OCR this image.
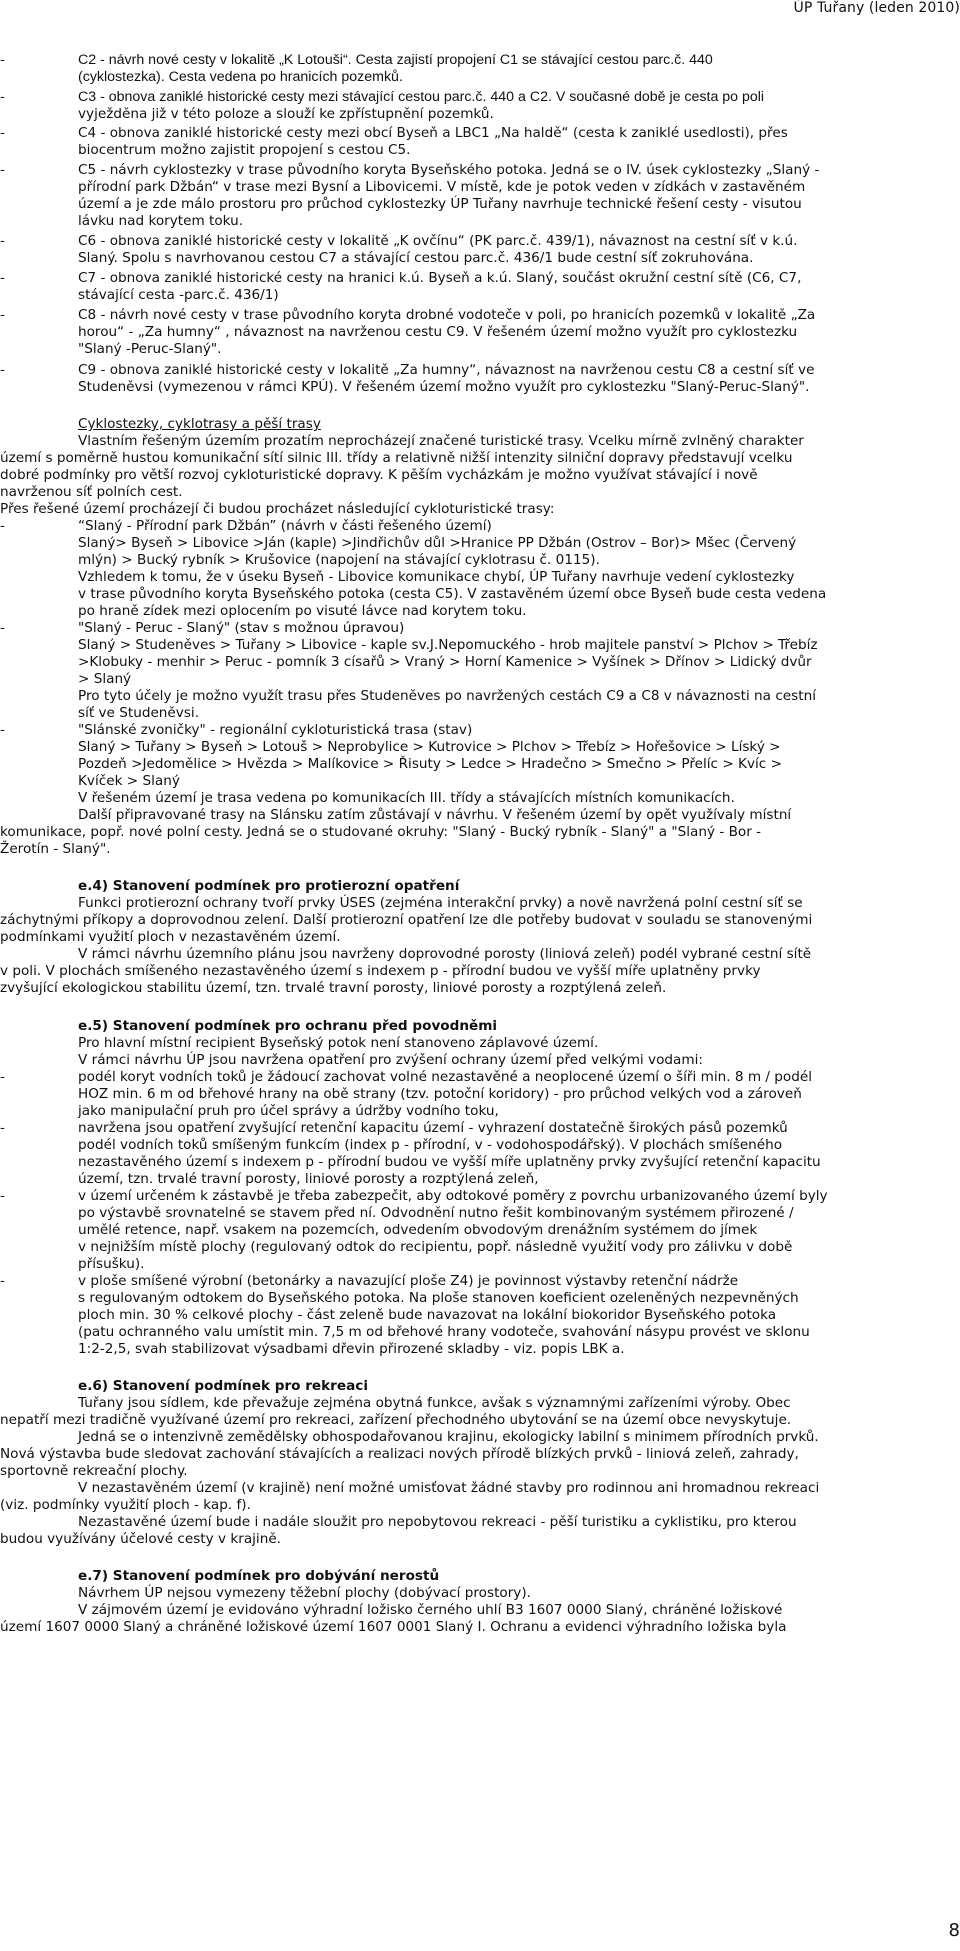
ÚP Tuřany (leden 2010)
-	C2 - návrh nové cesty v lokalitě „K Lotouši“. Cesta zajistí propojení C1 se stávající cestou parc.č. 440
(cyklostezka). Cesta vedena po hranicích pozemků.
-	C3 - obnova zaniklé historické cesty mezi stávající cestou parc.č. 440 a C2. V současné době je cesta po poli
vyježděna již v této poloze a slouží ke zpřístupnění pozemků.
-	C4 - obnova zaniklé historické cesty mezi obcí Byseň a LBC1 „Na haldě“ (cesta k zaniklé usedlosti), přes
biocentrum možno zajistit propojení s cestou C5.
-	C5 - návrh cyklostezky v trase původního koryta Byseňského potoka. Jedná se o IV. úsek cyklostezky „Slaný -
přírodní park Džbán“ v trase mezi Bysní a Libovicemi. V místě, kde je potok veden v zídkách v zastavěném
území a je zde málo prostoru pro průchod cyklostezky ÚP Tuřany navrhuje technické řešení cesty - visutou
lávku nad korytem toku.
-	C6 - obnova zaniklé historické cesty v lokalitě „K ovčínu“ (PK parc.č. 439/1), návaznost na cestní síť v k.ú.
Slaný. Spolu s navrhovanou cestou C7 a stávající cestou parc.č. 436/1 bude cestní síť zokruhována.
-	C7 - obnova zaniklé historické cesty na hranici k.ú. Byseň a k.ú. Slaný, součást okružní cestní sítě (C6, C7,
stávající cesta -parc.č. 436/1)
-	C8 - návrh nové cesty v trase původního koryta drobné vodoteče v poli, po hranicích pozemků v lokalitě „Za
horou“ - „Za humny“ , návaznost na navrženou cestu C9. V řešeném území možno využít pro cyklostezku
"Slaný -Peruc-Slaný".
-	C9 - obnova zaniklé historické cesty v lokalitě „Za humny“, návaznost na navrženou cestu C8 a cestní síť ve
Studeněvsi (vymezenou v rámci KPÚ). V řešeném území možno využít pro cyklostezku "Slaný-Peruc-Slaný".
Cyklostezky, cyklotrasy a pěší trasy
Vlastním řešeným územím prozatím neprocházejí značené turistické trasy. Vcelku mírně zvlněný charakter
území s poměrně hustou komunikační sítí silnic III. třídy a relativně nižší intenzity silniční dopravy představují vcelku
dobré podmínky pro větší rozvoj cykloturistické dopravy. K pěším vycházkám je možno využívat stávající i nově
navrženou síť polních cest.
Přes řešené území procházejí či budou procházet následující cykloturistické trasy:
-	“Slaný - Přírodní park Džbán” (návrh v části řešeného území)
Slaný> Byseň > Libovice >Ján (kaple) >Jindřichův důl >Hranice PP Džbán (Ostrov – Bor)> Mšec (Červený
mlýn) > Bucký rybník > Krušovice (napojení na stávající cyklotrasu č. 0115).
Vzhledem k tomu, že v úseku Byseň - Libovice komunikace chybí, ÚP Tuřany navrhuje vedení cyklostezky
v trase původního koryta Byseňského potoka (cesta C5). V zastavěném území obce Byseň bude cesta vedena
po hraně zídek mezi oplocením po visuté lávce nad korytem toku.
-	"Slaný - Peruc - Slaný" (stav s možnou úpravou)
Slaný > Studeněves > Tuřany > Libovice - kaple sv.J.Nepomuckého - hrob majitele panství > Plchov > Třebíz
>Klobuky - menhir > Peruc - pomník 3 císařů > Vraný > Horní Kamenice > Vyšínek > Dřínov > Lidický dvůr
> Slaný
Pro tyto účely je možno využít trasu přes Studeněves po navržených cestách C9 a C8 v návaznosti na cestní
síť ve Studeněvsi.
-	"Slánské zvoničky" - regionální cykloturistická trasa (stav)
Slaný > Tuřany > Byseň > Lotouš > Neprobylice > Kutrovice > Plchov > Třebíz > Hořešovice > Líský >
Pozdeň >Jedomělice > Hvězda > Malíkovice > Řisuty > Ledce > Hradečno > Smečno > Přelíc > Kvíc >
Kvíček > Slaný
V řešeném území je trasa vedena po komunikacích III. třídy a stávajících místních komunikacích.
Další připravované trasy na Slánsku zatím zůstávají v návrhu. V řešeném území by opět využívaly místní
komunikace, popř. nové polní cesty. Jedná se o studované okruhy: "Slaný - Bucký rybník - Slaný" a "Slaný - Bor -
Žerotín - Slaný".
e.4) Stanovení podmínek pro protierozní opatření
Funkci protierozní ochrany tvoří prvky ÚSES (zejména interakční prvky) a nově navržená polní cestní síť se
záchytnými příkopy a doprovodnou zelení. Další protierozní opatření lze dle potřeby budovat v souladu se stanovenými
podmínkami využití ploch v nezastavěném území.
V rámci návrhu územního plánu jsou navrženy doprovodné porosty (liniová zeleň) podél vybrané cestní sítě
v poli. V plochách smíšeného nezastavěného území s indexem p - přírodní budou ve vyšší míře uplatněny prvky
zvyšující ekologickou stabilitu území, tzn. trvalé travní porosty, liniové porosty a rozptýlená zeleň.
e.5) Stanovení podmínek pro ochranu před povodněmi
Pro hlavní místní recipient Byseňský potok není stanoveno záplavové území.
V rámci návrhu ÚP jsou navržena opatření pro zvýšení ochrany území před velkými vodami:
-	podél koryt vodních toků je žádoucí zachovat volné nezastavěné a neoplocené území o šíři min. 8 m / podél
HOZ min. 6 m od břehové hrany na obě strany (tzv. potoční koridory) - pro průchod velkých vod a zároveň
jako manipulační pruh pro účel správy a údržby vodního toku,
-	navržena jsou opatření zvyšující retenční kapacitu území - vyhrazení dostatečně širokých pásů pozemků
podél vodních toků smíšeným funkcím (index p - přírodní, v - vodohospodářský). V plochách smíšeného
nezastavěného území s indexem p - přírodní budou ve vyšší míře uplatněny prvky zvyšující retenční kapacitu
území, tzn. trvalé travní porosty, liniové porosty a rozptýlená zeleň,
-	v území určeném k zástavbě je třeba zabezpečit, aby odtokové poměry z povrchu urbanizovaného území byly
po výstavbě srovnatelné se stavem před ní. Odvodnění nutno řešit kombinovaným systémem přirozené /
umělé retence, např. vsakem na pozemcích, odvedením obvodovým drenážním systémem do jímek
v nejnižším místě plochy (regulovaný odtok do recipientu, popř. následně využití vody pro zálivku v době
přísušku).
-	v ploše smíšené výrobní (betonárky a navazující ploše Z4) je povinnost výstavby retenční nádrže
s regulovaným odtokem do Byseňského potoka. Na ploše stanoven koeficient ozeleněných nezpevněných
ploch min. 30 % celkové plochy - část zeleně bude navazovat na lokální biokoridor Byseňského potoka
(patu ochranného valu umístit min. 7,5 m od břehové hrany vodoteče, svahování násypu provést ve sklonu
1:2-2,5, svah stabilizovat výsadbami dřevin přirozené skladby - viz. popis LBK a.
e.6) Stanovení podmínek pro rekreaci
Tuřany jsou sídlem, kde převažuje zejména obytná funkce, avšak s významnými zařízeními výroby. Obec
nepatří mezi tradičně využívané území pro rekreaci, zařízení přechodného ubytování se na území obce nevyskytuje.
Jedná se o intenzivně zemědělsky obhospodařovanou krajinu, ekologicky labilní s minimem přírodních prvků.
Nová výstavba bude sledovat zachování stávajících a realizaci nových přírodě blízkých prvků - liniová zeleň, zahrady,
sportovně rekreační plochy.
V nezastavěném území (v krajině) není možné umisťovat žádné stavby pro rodinnou ani hromadnou rekreaci
(viz. podmínky využití ploch - kap. f).
Nezastavěné území bude i nadále sloužit pro nepobytovou rekreaci - pěší turistiku a cyklistiku, pro kterou
budou využívány účelové cesty v krajině.
e.7) Stanovení podmínek pro dobývání nerostů
Návrhem ÚP nejsou vymezeny těžební plochy (dobývací prostory).
V zájmovém území je evidováno výhradní ložisko černého uhlí B3 1607 0000 Slaný, chráněné ložiskové
území 1607 0000 Slaný a chráněné ložiskové území 1607 0001 Slaný I. Ochranu a evidenci výhradního ložiska byla
8
